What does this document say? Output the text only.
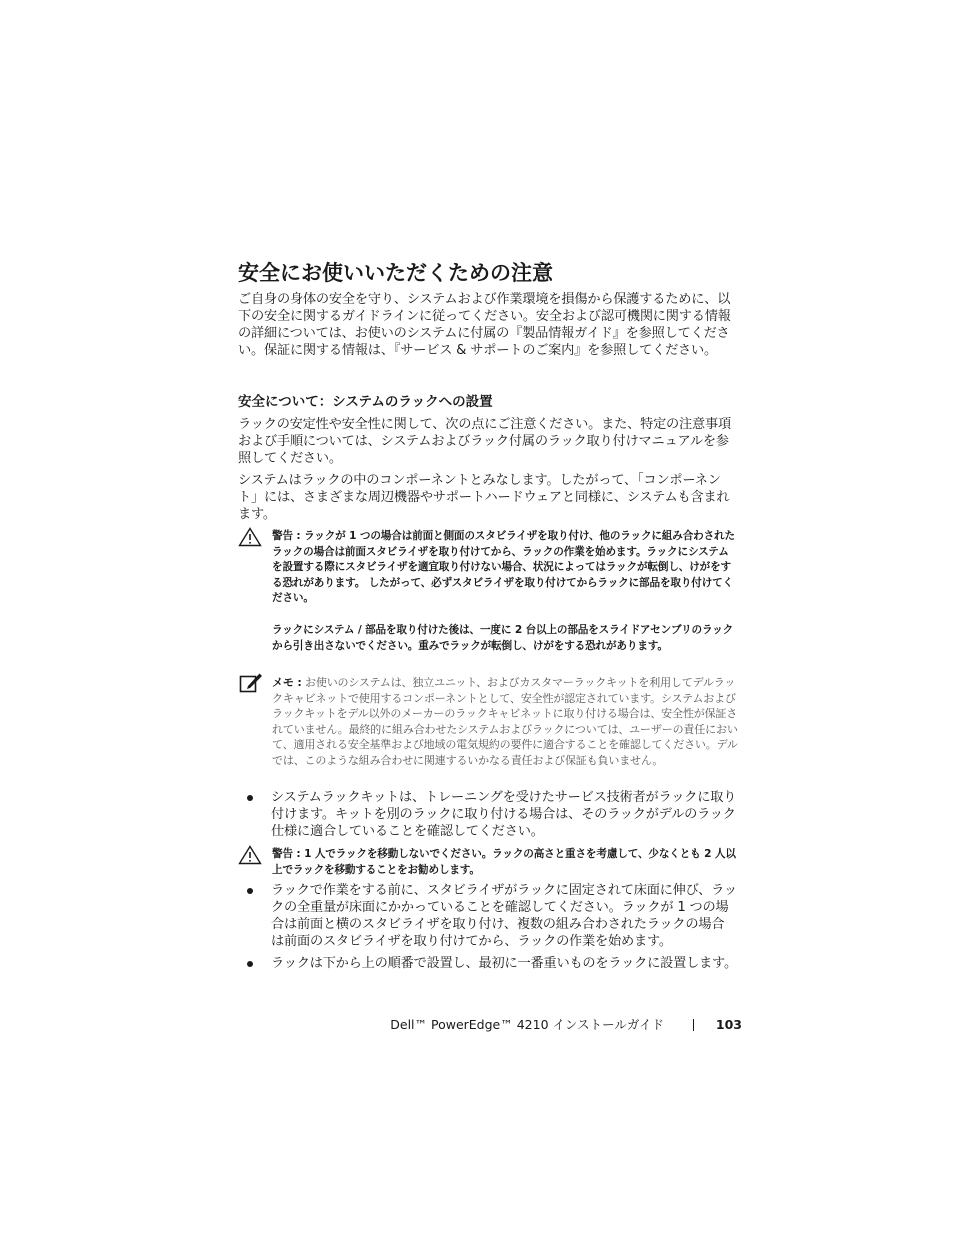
安全にお使いいただくための注意

ご自身の身体の安全を守り、システムおよび作業環境を損傷から保護するために、以下の安全に関するガイドラインに従ってください。安全および認可機関に関する情報の詳細については、お使いのシステムに付属の『製品情報ガイド』を参照してください。保証に関する情報は、『サービス & サポートのご案内』を参照してください。

安全について：システムのラックへの設置

ラックの安定性や安全性に関して、次の点にご注意ください。また、特定の注意事項および手順については、システムおよびラック付属のラック取り付けマニュアルを参照してください。

システムはラックの中のコンポーネントとみなします。したがって、「コンポーネント」には、さまざまな周辺機器やサポートハードウェアと同様に、システムも含まれます。

警告 : ラックが 1 つの場合は前面と側面のスタビライザを取り付け、他のラックに組み合わされたラックの場合は前面スタビライザを取り付けてから、ラックの作業を始めます。ラックにシステムを設置する際にスタビライザを適宜取り付けない場合、状況によってはラックが転倒し、けがをする恐れがあります。 したがって、必ずスタビライザを取り付けてからラックに部品を取り付けてください。

ラックにシステム / 部品を取り付けた後は、一度に 2 台以上の部品をスライドアセンブリのラックから引き出さないでください。重みでラックが転倒し、けがをする恐れがあります。

メモ : お使いのシステムは、独立ユニット、およびカスタマーラックキットを利用してデルラックキャビネットで使用するコンポーネントとして、安全性が認定されています。システムおよびラックキットをデル以外のメーカーのラックキャビネットに取り付ける場合は、安全性が保証されていません。最終的に組み合わせたシステムおよびラックについては、ユーザーの責任において、適用される安全基準および地域の電気規約の要件に適合することを確認してください。デルでは、このような組み合わせに関連するいかなる責任および保証も負いません。

システムラックキットは、トレーニングを受けたサービス技術者がラックに取り付けます。キットを別のラックに取り付ける場合は、そのラックがデルのラック仕様に適合していることを確認してください。

警告 : 1 人でラックを移動しないでください。ラックの高さと重さを考慮して、少なくとも 2 人以上でラックを移動することをお勧めします。

ラックで作業をする前に、スタビライザがラックに固定されて床面に伸び、ラックの全重量が床面にかかっていることを確認してください。ラックが 1 つの場合は前面と横のスタビライザを取り付け、複数の組み合わされたラックの場合は前面のスタビライザを取り付けてから、ラックの作業を始めます。

ラックは下から上の順番で設置し、最初に一番重いものをラックに設置します。

Dell™ PowerEdge™ 4210 インストールガイド	103
